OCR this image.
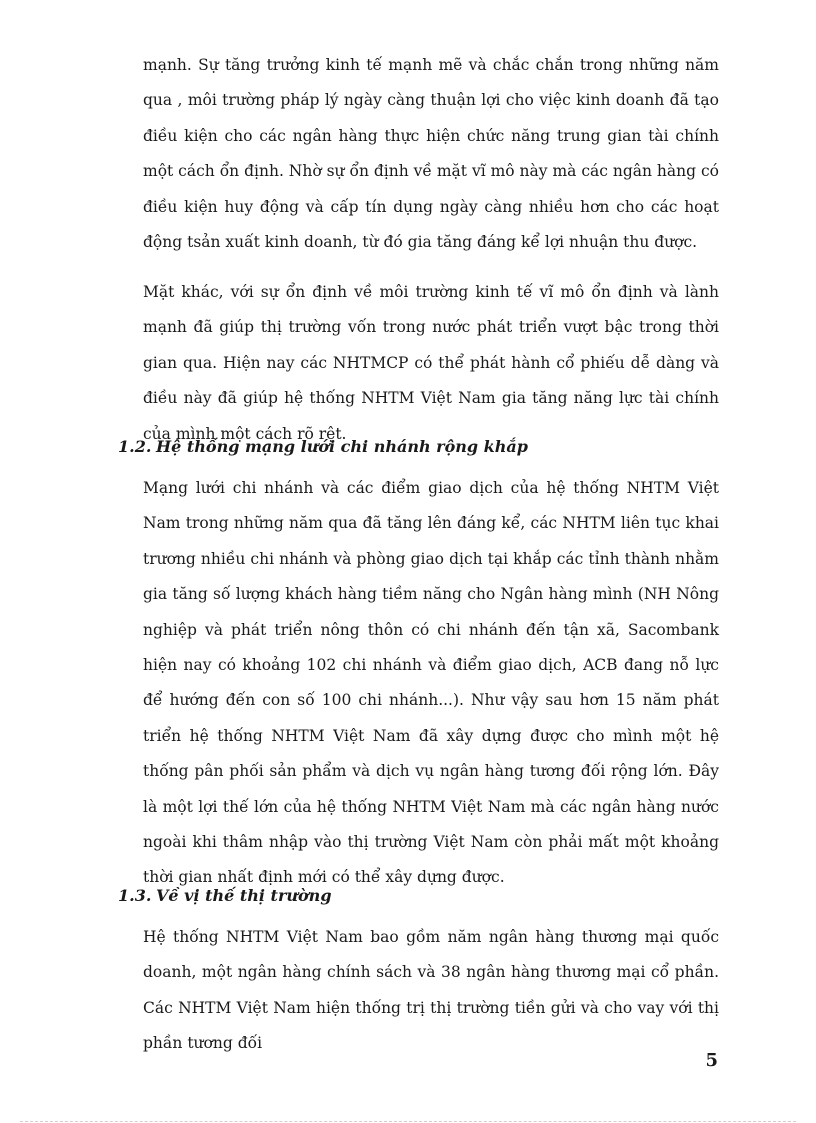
mạnh. Sự tăng trưởng kinh tế mạnh mẽ và chắc chắn trong những năm qua , môi trường pháp lý ngày càng thuận lợi cho việc kinh doanh đã tạo điều kiện cho các ngân hàng thực hiện chức năng trung gian tài chính một cách ổn định. Nhờ sự ổn định về mặt vĩ mô này mà các ngân hàng có điều kiện huy động và cấp tín dụng ngày càng nhiều hơn cho các hoạt động tsản xuất kinh doanh, từ đó gia tăng đáng kể lợi nhuận thu được.

Mặt khác, với sự ổn định về môi trường kinh tế vĩ mô ổn định và lành mạnh đã giúp thị trường vốn trong nước phát triển vượt bậc trong thời gian qua. Hiện nay các NHTMCP có thể phát hành cổ phiếu dễ dàng và điều này đã giúp hệ thống NHTM Việt Nam gia tăng năng lực tài chính của mình một cách rõ rệt.

1.2. Hệ thống mạng lưới chi nhánh rộng khắp

Mạng lưới chi nhánh và các điểm giao dịch của hệ thống NHTM Việt Nam trong những năm qua đã tăng lên đáng kể, các NHTM liên tục khai trương nhiều chi nhánh và phòng giao dịch tại khắp các tỉnh thành nhằm gia tăng số lượng khách hàng tiềm năng cho Ngân hàng mình (NH Nông nghiệp và phát triển nông thôn có chi nhánh đến tận xã, Sacombank hiện nay có khoảng 102 chi nhánh và điểm giao dịch, ACB đang nỗ lực để hướng đến con số 100 chi nhánh...). Như vậy sau hơn 15 năm phát triển hệ thống NHTM Việt Nam đã xây dựng được cho mình một hệ thống pân phối sản phẩm và dịch vụ ngân hàng tương đối rộng lớn. Đây là một lợi thế lớn của hệ thống NHTM Việt Nam mà các ngân hàng nước ngoài khi thâm nhập vào thị trường Việt Nam còn phải mất một khoảng thời gian nhất định mới có thể xây dựng được.

1.3. Về vị thế thị trường

Hệ thống NHTM Việt Nam bao gồm năm ngân hàng thương mại quốc doanh, một ngân hàng chính sách và 38 ngân hàng thương mại cổ phần. Các NHTM Việt Nam hiện thống trị thị trường tiền gửi và cho vay với thị phần tương đối

5
